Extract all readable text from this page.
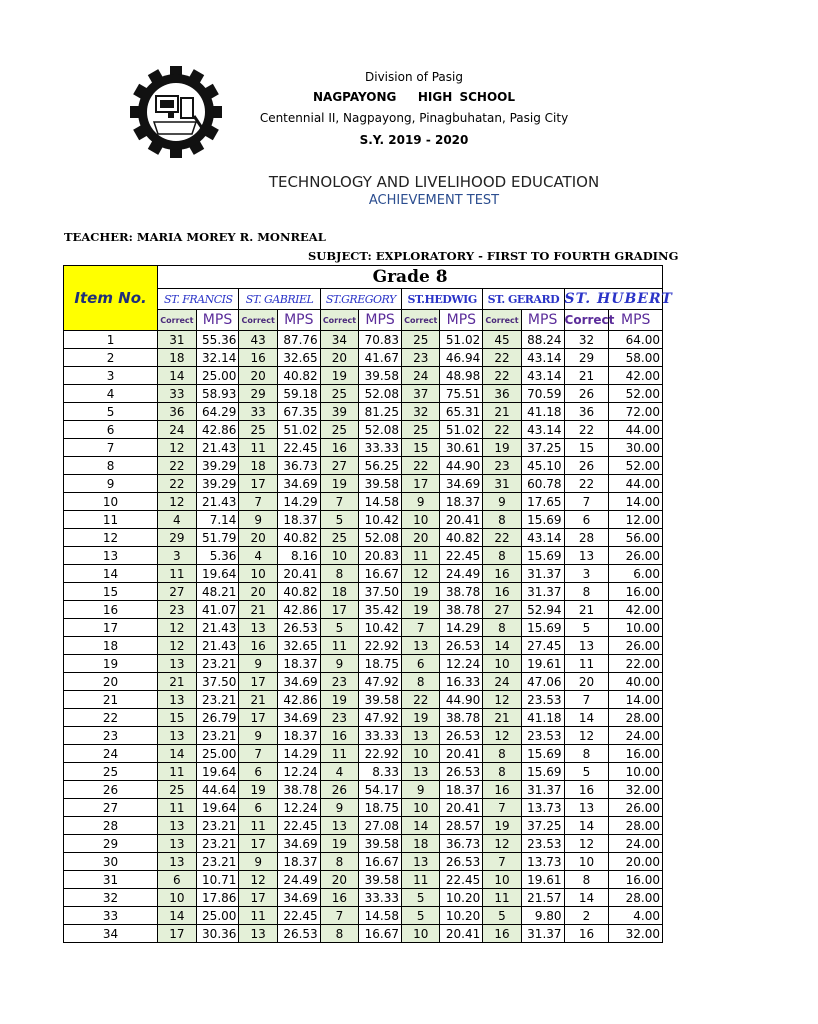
Division of Pasig
NAGPAYONG   HIGH SCHOOL
Centennial II, Nagpayong, Pinagbuhatan, Pasig City
S.Y. 2019 - 2020
TECHNOLOGY AND LIVELIHOOD EDUCATION
ACHIEVEMENT TEST
TEACHER: MARIA MOREY R. MONREAL
SUBJECT: EXPLORATORY - FIRST TO FOURTH GRADING
Item No.	Grade 8											
	ST. FRANCIS		ST. GABRIEL		ST.GREGORY		ST.HEDWIG		ST. GERARD		ST. HUBERT	
	Correct	MPS	Correct	MPS	Correct	MPS	Correct	MPS	Correct	MPS	Correct	MPS
1	31	55.36	43	87.76	34	70.83	25	51.02	45	88.24	32	64.00
2	18	32.14	16	32.65	20	41.67	23	46.94	22	43.14	29	58.00
3	14	25.00	20	40.82	19	39.58	24	48.98	22	43.14	21	42.00
4	33	58.93	29	59.18	25	52.08	37	75.51	36	70.59	26	52.00
5	36	64.29	33	67.35	39	81.25	32	65.31	21	41.18	36	72.00
6	24	42.86	25	51.02	25	52.08	25	51.02	22	43.14	22	44.00
7	12	21.43	11	22.45	16	33.33	15	30.61	19	37.25	15	30.00
8	22	39.29	18	36.73	27	56.25	22	44.90	23	45.10	26	52.00
9	22	39.29	17	34.69	19	39.58	17	34.69	31	60.78	22	44.00
10	12	21.43	7	14.29	7	14.58	9	18.37	9	17.65	7	14.00
11	4	7.14	9	18.37	5	10.42	10	20.41	8	15.69	6	12.00
12	29	51.79	20	40.82	25	52.08	20	40.82	22	43.14	28	56.00
13	3	5.36	4	8.16	10	20.83	11	22.45	8	15.69	13	26.00
14	11	19.64	10	20.41	8	16.67	12	24.49	16	31.37	3	6.00
15	27	48.21	20	40.82	18	37.50	19	38.78	16	31.37	8	16.00
16	23	41.07	21	42.86	17	35.42	19	38.78	27	52.94	21	42.00
17	12	21.43	13	26.53	5	10.42	7	14.29	8	15.69	5	10.00
18	12	21.43	16	32.65	11	22.92	13	26.53	14	27.45	13	26.00
19	13	23.21	9	18.37	9	18.75	6	12.24	10	19.61	11	22.00
20	21	37.50	17	34.69	23	47.92	8	16.33	24	47.06	20	40.00
21	13	23.21	21	42.86	19	39.58	22	44.90	12	23.53	7	14.00
22	15	26.79	17	34.69	23	47.92	19	38.78	21	41.18	14	28.00
23	13	23.21	9	18.37	16	33.33	13	26.53	12	23.53	12	24.00
24	14	25.00	7	14.29	11	22.92	10	20.41	8	15.69	8	16.00
25	11	19.64	6	12.24	4	8.33	13	26.53	8	15.69	5	10.00
26	25	44.64	19	38.78	26	54.17	9	18.37	16	31.37	16	32.00
27	11	19.64	6	12.24	9	18.75	10	20.41	7	13.73	13	26.00
28	13	23.21	11	22.45	13	27.08	14	28.57	19	37.25	14	28.00
29	13	23.21	17	34.69	19	39.58	18	36.73	12	23.53	12	24.00
30	13	23.21	9	18.37	8	16.67	13	26.53	7	13.73	10	20.00
31	6	10.71	12	24.49	20	39.58	11	22.45	10	19.61	8	16.00
32	10	17.86	17	34.69	16	33.33	5	10.20	11	21.57	14	28.00
33	14	25.00	11	22.45	7	14.58	5	10.20	5	9.80	2	4.00
34	17	30.36	13	26.53	8	16.67	10	20.41	16	31.37	16	32.00
